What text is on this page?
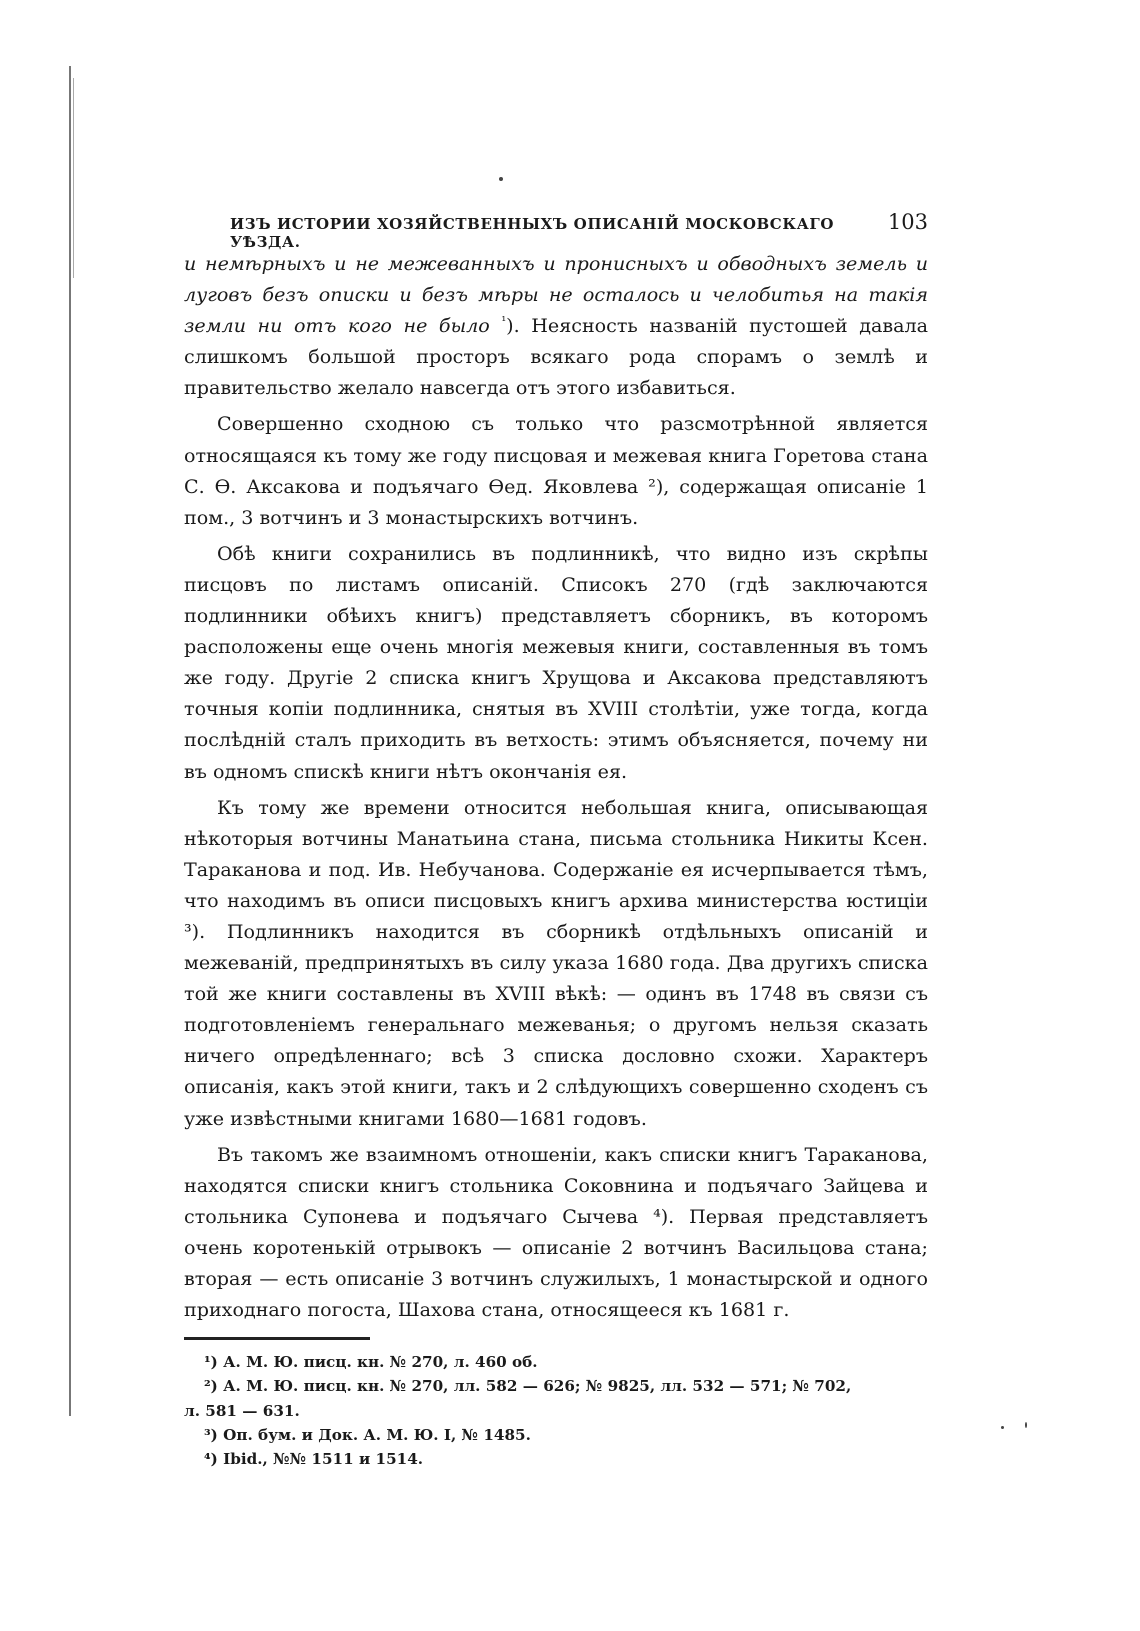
ИЗЪ ИСТОРИИ ХОЗЯЙСТВЕННЫХЪ ОПИСАНІЙ МОСКОВСКАГО УѢЗДА.
103

и немѣрныхъ и не межеванныхъ и пронисныхъ и обводныхъ земель и луговъ безъ описки и безъ мѣры не осталось и челобитья на такія земли ни отъ кого не было $^{^1}$). Неясность названій пустошей давала слишкомъ большой просторъ всякаго рода спорамъ о землѣ и правительство желало навсегда отъ этого избавиться.

Совершенно сходною съ только что разсмотрѣнной является относящаяся къ тому же году писцовая и межевая книга Горетова стана С. Ѳ. Аксакова и подъячаго Ѳед. Яковлева ²), содержащая описаніе 1 пом., 3 вотчинъ и 3 монастырскихъ вотчинъ.

Обѣ книги сохранились въ подлинникѣ, что видно изъ скрѣпы писцовъ по листамъ описаній. Списокъ 270 (гдѣ заключаются подлинники обѣихъ книгъ) представляетъ сборникъ, въ которомъ расположены еще очень многія межевыя книги, составленныя въ томъ же году. Другіе 2 списка книгъ Хрущова и Аксакова представляютъ точныя копіи подлинника, снятыя въ XVIII столѣтіи, уже тогда, когда послѣдній сталъ приходить въ ветхость: этимъ объясняется, почему ни въ одномъ спискѣ книги нѣтъ окончанія ея.

Къ тому же времени относится небольшая книга, описывающая нѣкоторыя вотчины Манатьина стана, письма стольника Никиты Ксен. Тараканова и под. Ив. Небучанова. Содержаніе ея исчерпывается тѣмъ, что находимъ въ описи писцовыхъ книгъ архива министерства юстиціи ³). Подлинникъ находится въ сборникѣ отдѣльныхъ описаній и межеваній, предпринятыхъ въ силу указа 1680 года. Два другихъ списка той же книги составлены въ XVIII вѣкѣ: — одинъ въ 1748 въ связи съ подготовленіемъ генеральнаго межеванья; о другомъ нельзя сказать ничего опредѣленнаго; всѣ 3 списка дословно схожи. Характеръ описанія, какъ этой книги, такъ и 2 слѣдующихъ совершенно сходенъ съ уже извѣстными книгами 1680—1681 годовъ.

Въ такомъ же взаимномъ отношеніи, какъ списки книгъ Тараканова, находятся списки книгъ стольника Соковнина и подъячаго Зайцева и стольника Супонева и подъячаго Сычева ⁴). Первая представляетъ очень коротенькій отрывокъ — описаніе 2 вотчинъ Васильцова стана; вторая — есть описаніе 3 вотчинъ служилыхъ, 1 монастырской и одного приходнаго погоста, Шахова стана, относящееся къ 1681 г.

¹) А. М. Ю. писц. кн. № 270, л. 460 об.

²) А. М. Ю. писц. кн. № 270, лл. 582 — 626; № 9825, лл. 532 — 571; № 702,

л. 581 — 631.

³) Оп. бум. и Док. А. М. Ю. I, № 1485.

⁴) Ibid., №№ 1511 и 1514.
